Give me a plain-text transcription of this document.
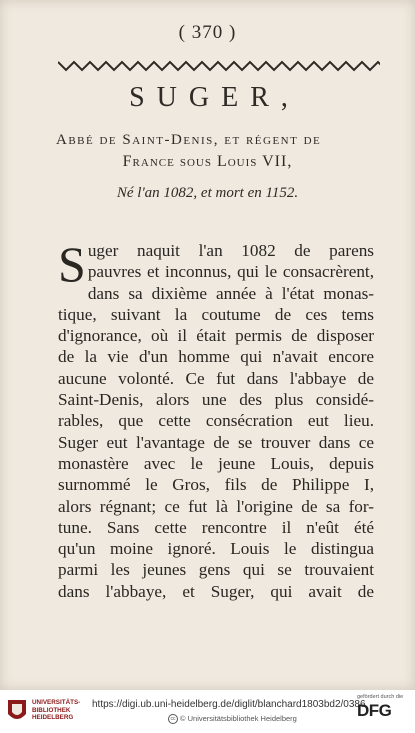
( 370 )
SUGER,
Abbé de Saint-Denis, et régent de
France sous Louis VII,
Né l'an 1082, et mort en 1152.
S uger naquit l'an 1082 de parens
pauvres et inconnus, qui le consacrèrent,
dans sa dixième année à l'état monas-
tique, suivant la coutume de ces tems
d'ignorance, où il était permis de disposer
de la vie d'un homme qui n'avait encore
aucune volonté. Ce fut dans l'abbaye de
Saint-Denis, alors une des plus considé-
rables, que cette consécration eut lieu.
Suger eut l'avantage de se trouver dans ce
monastère avec le jeune Louis, depuis
surnommé le Gros, fils de Philippe I,
alors régnant; ce fut là l'origine de sa for-
tune. Sans cette rencontre il n'eût été
qu'un moine ignoré. Louis le distingua
parmi les jeunes gens qui se trouvaient
dans l'abbaye, et Suger, qui avait de
UNIVERSITÄTS-
BIBLIOTHEK
HEIDELBERG
https://digi.ub.uni-heidelberg.de/diglit/blanchard1803bd2/0386
cc © Universitätsbibliothek Heidelberg
gefördert durch die
DFG
